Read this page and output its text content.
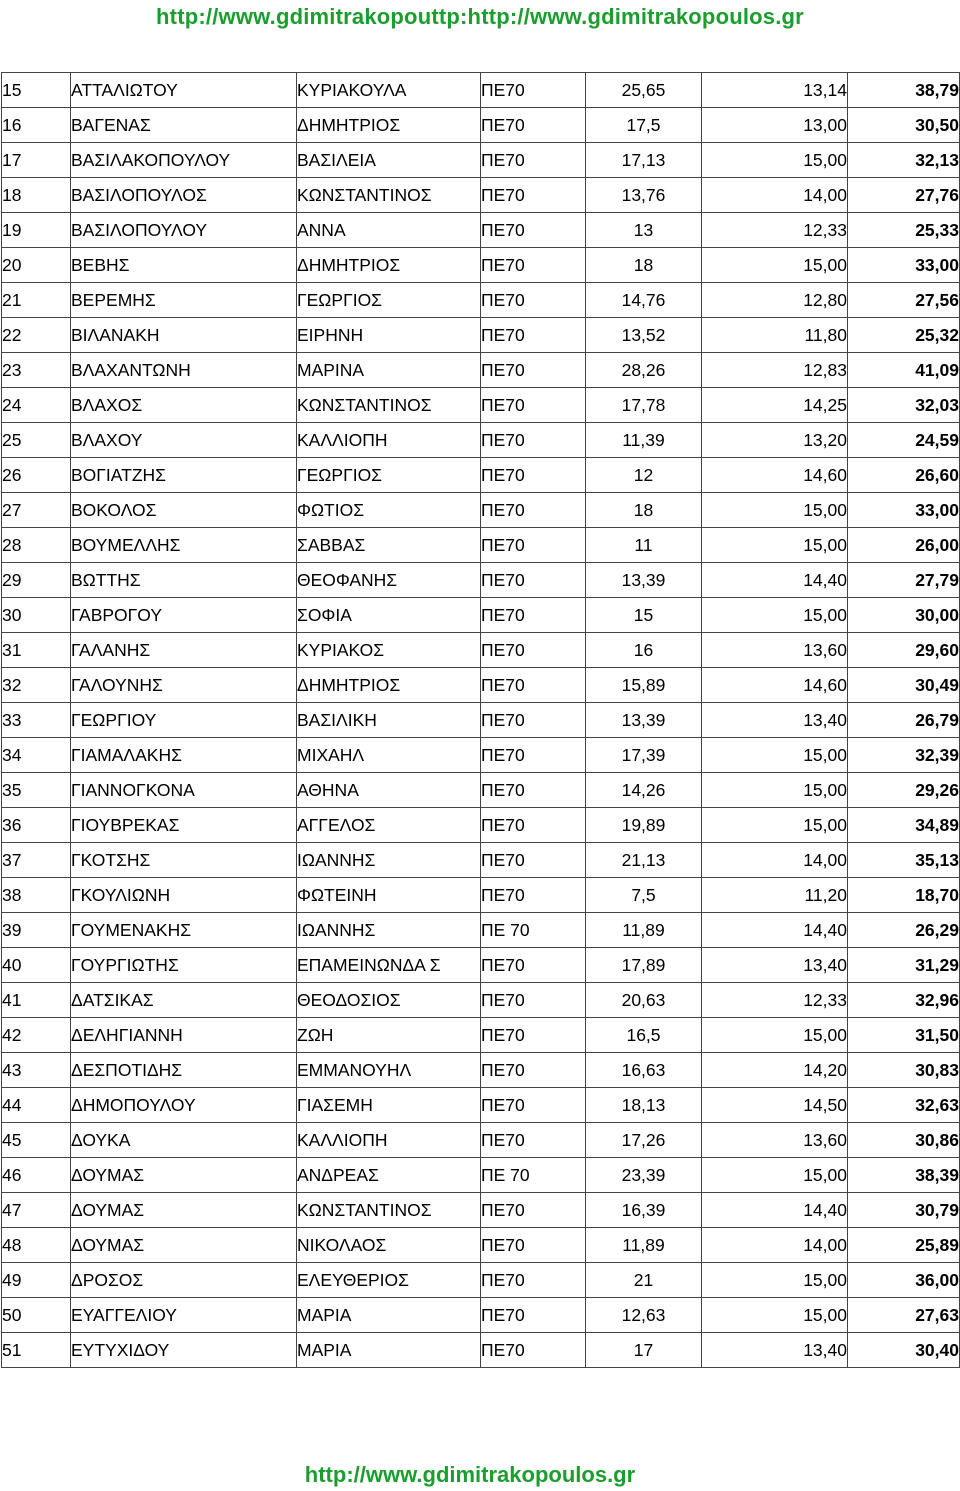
http://www.gdimitrakopouttp:http://www.gdimitrakopoulos.gr
15	ΑΤΤΑΛΙΩΤΟΥ	ΚΥΡΙΑΚΟΥΛΑ	ΠΕ70	25,65	13,14	38,79
16	ΒΑΓΕΝΑΣ	ΔΗΜΗΤΡΙΟΣ	ΠΕ70	17,5	13,00	30,50
17	ΒΑΣΙΛΑΚΟΠΟΥΛΟΥ	ΒΑΣΙΛΕΙΑ	ΠΕ70	17,13	15,00	32,13
18	ΒΑΣΙΛΟΠΟΥΛΟΣ	ΚΩΝΣΤΑΝΤΙΝΟΣ	ΠΕ70	13,76	14,00	27,76
19	ΒΑΣΙΛΟΠΟΥΛΟΥ	ΑΝΝΑ	ΠΕ70	13	12,33	25,33
20	ΒΕΒΗΣ	ΔΗΜΗΤΡΙΟΣ	ΠΕ70	18	15,00	33,00
21	ΒΕΡΕΜΗΣ	ΓΕΩΡΓΙΟΣ	ΠΕ70	14,76	12,80	27,56
22	ΒΙΛΑΝΑΚΗ	ΕΙΡΗΝΗ	ΠΕ70	13,52	11,80	25,32
23	ΒΛΑΧΑΝΤΩΝΗ	ΜΑΡΙΝΑ	ΠΕ70	28,26	12,83	41,09
24	ΒΛΑΧΟΣ	ΚΩΝΣΤΑΝΤΙΝΟΣ	ΠΕ70	17,78	14,25	32,03
25	ΒΛΑΧΟΥ	ΚΑΛΛΙΟΠΗ	ΠΕ70	11,39	13,20	24,59
26	ΒΟΓΙΑΤΖΗΣ	ΓΕΩΡΓΙΟΣ	ΠΕ70	12	14,60	26,60
27	ΒΟΚΟΛΟΣ	ΦΩΤΙΟΣ	ΠΕ70	18	15,00	33,00
28	ΒΟΥΜΕΛΛΗΣ	ΣΑΒΒΑΣ	ΠΕ70	11	15,00	26,00
29	ΒΩΤΤΗΣ	ΘΕΟΦΑΝΗΣ	ΠΕ70	13,39	14,40	27,79
30	ΓΑΒΡΟΓΟΥ	ΣΟΦΙΑ	ΠΕ70	15	15,00	30,00
31	ΓΑΛΑΝΗΣ	ΚΥΡΙΑΚΟΣ	ΠΕ70	16	13,60	29,60
32	ΓΑΛΟΥΝΗΣ	ΔΗΜΗΤΡΙΟΣ	ΠΕ70	15,89	14,60	30,49
33	ΓΕΩΡΓΙΟΥ	ΒΑΣΙΛΙΚΗ	ΠΕ70	13,39	13,40	26,79
34	ΓΙΑΜΑΛΑΚΗΣ	ΜΙΧΑΗΛ	ΠΕ70	17,39	15,00	32,39
35	ΓΙΑΝΝΟΓΚΟΝΑ	ΑΘΗΝΑ	ΠΕ70	14,26	15,00	29,26
36	ΓΙΟΥΒΡΕΚΑΣ	ΑΓΓΕΛΟΣ	ΠΕ70	19,89	15,00	34,89
37	ΓΚΟΤΣΗΣ	ΙΩΑΝΝΗΣ	ΠΕ70	21,13	14,00	35,13
38	ΓΚΟΥΛΙΩΝΗ	ΦΩΤΕΙΝΗ	ΠΕ70	7,5	11,20	18,70
39	ΓΟΥΜΕΝΑΚΗΣ	ΙΩΑΝΝΗΣ	ΠΕ 70	11,89	14,40	26,29
40	ΓΟΥΡΓΙΩΤΗΣ	ΕΠΑΜΕΙΝΩΝΔΑ Σ	ΠΕ70	17,89	13,40	31,29
41	ΔΑΤΣΙΚΑΣ	ΘΕΟΔΟΣΙΟΣ	ΠΕ70	20,63	12,33	32,96
42	ΔΕΛΗΓΙΑΝΝΗ	ΖΩΗ	ΠΕ70	16,5	15,00	31,50
43	ΔΕΣΠΟΤΙΔΗΣ	ΕΜΜΑΝΟΥΗΛ	ΠΕ70	16,63	14,20	30,83
44	ΔΗΜΟΠΟΥΛΟΥ	ΓΙΑΣΕΜΗ	ΠΕ70	18,13	14,50	32,63
45	ΔΟΥΚΑ	ΚΑΛΛΙΟΠΗ	ΠΕ70	17,26	13,60	30,86
46	ΔΟΥΜΑΣ	ΑΝΔΡΕΑΣ	ΠΕ 70	23,39	15,00	38,39
47	ΔΟΥΜΑΣ	ΚΩΝΣΤΑΝΤΙΝΟΣ	ΠΕ70	16,39	14,40	30,79
48	ΔΟΥΜΑΣ	ΝΙΚΟΛΑΟΣ	ΠΕ70	11,89	14,00	25,89
49	ΔΡΟΣΟΣ	ΕΛΕΥΘΕΡΙΟΣ	ΠΕ70	21	15,00	36,00
50	ΕΥΑΓΓΕΛΙΟΥ	ΜΑΡΙΑ	ΠΕ70	12,63	15,00	27,63
51	ΕΥΤΥΧΙΔΟΥ	ΜΑΡΙΑ	ΠΕ70	17	13,40	30,40
http://www.gdimitrakopoulos.gr
